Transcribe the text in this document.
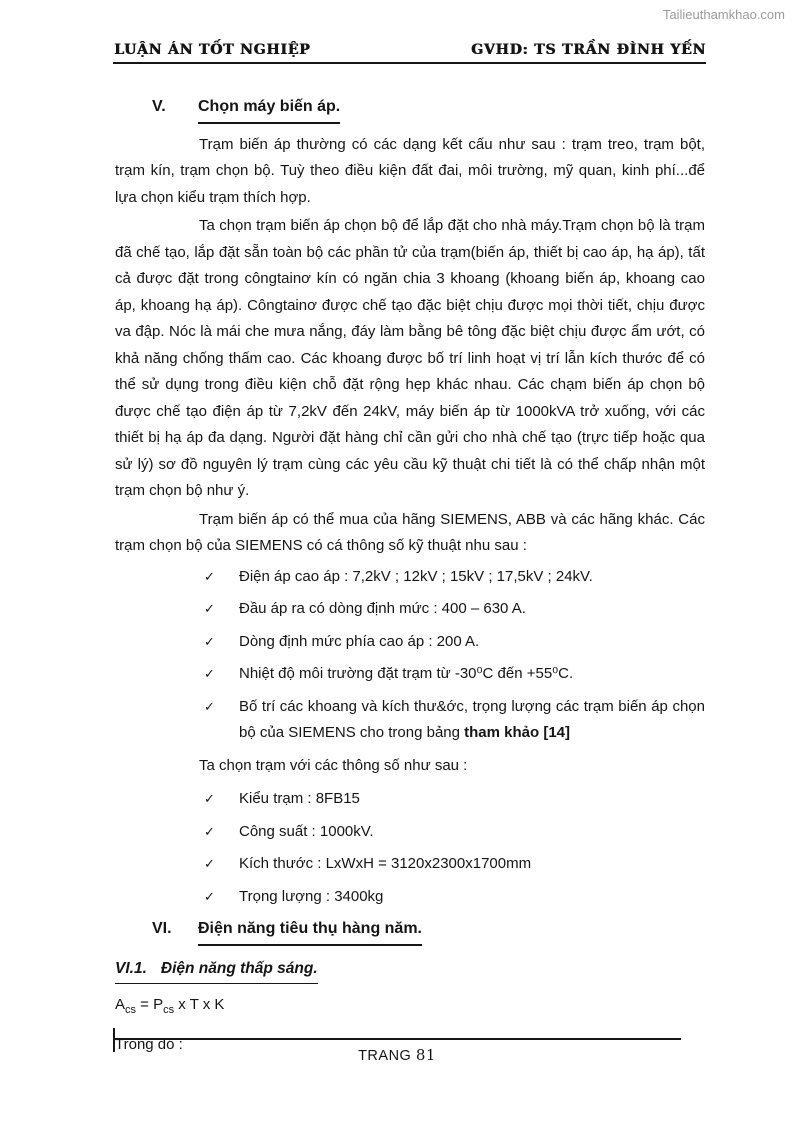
Tailieuthamkhao.com
LUẬN ÁN TỐT NGHIỆP	GVHD: TS TRẦN ĐÌNH YẾN
V.	Chọn máy biến áp.

Trạm biến áp thường có các dạng kết cấu như sau : trạm treo, trạm bột, trạm kín, trạm chọn bộ. Tuỳ theo điều kiện đất đai, môi trường, mỹ quan, kinh phí...để lựa chọn kiểu trạm thích hợp.

Ta chọn trạm biến áp chọn bộ để lắp đặt cho nhà máy.Trạm chọn bộ là trạm đã chế tạo, lắp đặt sẵn toàn bộ các phần tử của trạm(biến áp, thiết bị cao áp, hạ áp), tất cả được đặt trong côngtainơ kín có ngăn chia 3 khoang (khoang biến áp, khoang cao áp, khoang hạ áp). Côngtainơ được chế tạo đặc biệt chịu được mọi thời tiết, chịu được va đập. Nóc là mái che mưa nắng, đáy làm bằng bê tông đặc biệt chịu được ẩm ướt, có khả năng chống thấm cao. Các khoang được bố trí linh hoạt vị trí lẫn kích thước để có thể sử dụng trong điều kiện chỗ đặt rộng hẹp khác nhau. Các chạm biến áp chọn bộ được chế tạo điện áp từ 7,2kV đến 24kV, máy biến áp từ 1000kVA trở xuống, với các thiết bị hạ áp đa dạng. Người đặt hàng chỉ cần gửi cho nhà chế tạo (trực tiếp hoặc qua sử lý) sơ đồ nguyên lý trạm cùng các yêu cầu kỹ thuật chi tiết là có thể chấp nhận một trạm chọn bộ như ý.

Trạm biến áp có thể mua của hãng SIEMENS, ABB và các hãng khác. Các trạm chọn bộ của SIEMENS có cá thông số kỹ thuật nhu sau :

✓ Điện áp cao áp : 7,2kV ; 12kV ; 15kV ; 17,5kV ; 24kV.
✓ Đầu áp ra có dòng định mức : 400 – 630 A.
✓ Dòng định mức phía cao áp : 200 A.
✓ Nhiệt độ môi trường đặt trạm từ -30⁰C đến +55⁰C.
✓ Bố trí các khoang và kích thư&ớc, trọng lượng các trạm biến áp chọn bộ của SIEMENS cho trong bảng tham khảo [14]

Ta chọn trạm với các thông số như sau :

✓ Kiểu trạm : 8FB15
✓ Công suất : 1000kV.
✓ Kích thước : LxWxH = 3120x2300x1700mm
✓ Trọng lượng : 3400kg
VI.	Điện năng tiêu thụ hàng năm.
VI.1. Điện năng thấp sáng.

$A_{cs} = P_{cs}$ x T x K

Trong đó :

TRANG 81
